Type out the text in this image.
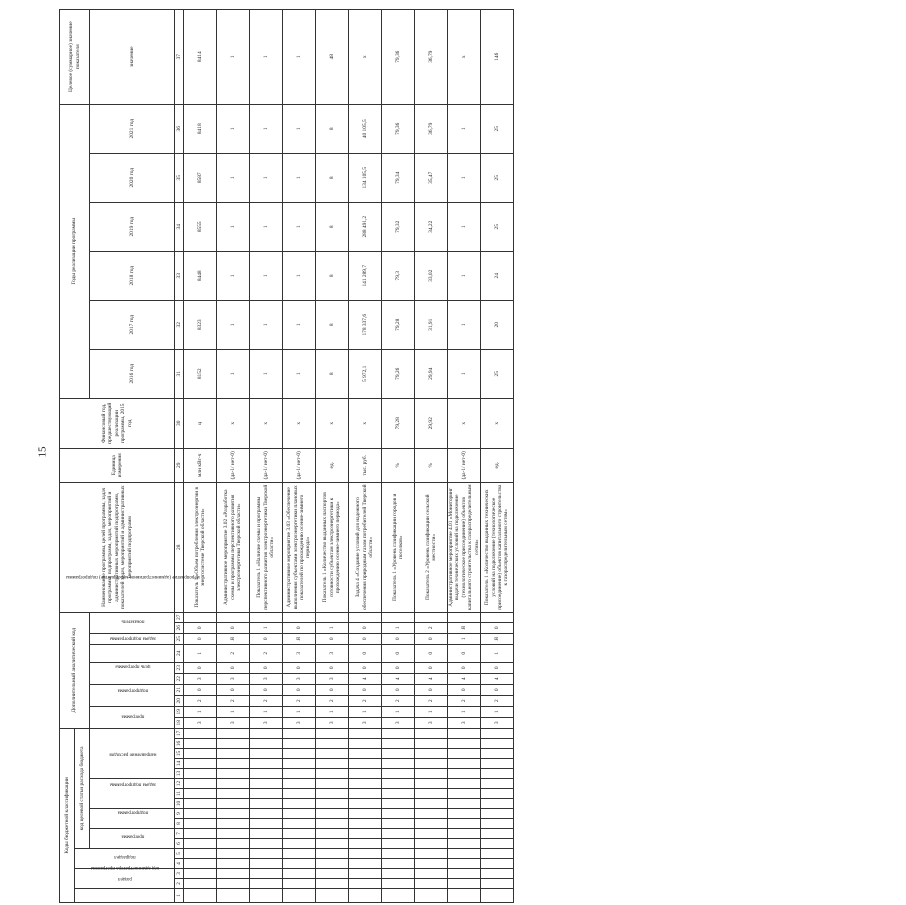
15
Коды бюджетной классификации																	Дополнительный аналитический код										Наименование программы, целей программы, задач программы, подпрограмм, задач, мероприятий и административных мероприятий подпрограмм, показателей задач, мероприятий и административных мероприятий подпрограмм	Единица измерения	Финансовый год, предшествующий реализации программы, 2015 год	Годы реализации программы						Целевое (суммарное) значение показателя
код администратора программы	раздел		подраздел		код целевой статьи расхода бюджета																															
					программа		подпрограмма		задача подпрограммы			направление расходов					программа		подпрограмма		цель программы		задача подпрограммы	мероприятие (административное мероприятие) подпрограммы	показатель					2016 год	2017 год	2018 год	2019 год	2020 год	2021 год	значение
1	2	3	4	5	6	7	8	9	10	11	12	13	14	15	16	17	18	19	20	21	22	23	24	25	26	27	28	29	30	31	32	33	34	35	36	37
																	3	1	2	0	3	0	1	0	0		Показатель 1 «Объем потребления электроэнергии в энергосистеме Тверской области»	млн кВт-ч	ц	8152	8323	8448	8555	8587	8418	8414
																	3	1	2	0	3	0	2	Я	0		Административное мероприятие 3.02 «Разработка схемы и программы перспективного развития электроэнергетики Тверской области»	(да-1/ нет-0)	x	1	1	1	1	1	1	1
																	3	1	2	0	3	0	2	0	1		Показатель 1 «Наличие схемы и программы перспективного развития электроэнергетики Тверской области»	(да-1/ нет-0)	x	1	1	1	1	1	1	1
																	3	1	2	0	3	0	3	Я	0		Административное мероприятие 3.03 «Обеспечение выполнения субъектами электроэнергетики плановых показателей по прохождению осенне-зимнего периода»	(да-1/ нет-0)	x	1	1	1	1	1	1	1
																	3	1	2	0	3	0	3	0	1		Показатель 1 «Количество выданных паспортов готовности субъектам электроэнергетики к прохождению осенне-зимнего периода»	ед.	x	8	8	8	8	8	8	48
																	3	1	2	0	4	0	0	0	0		Задача 4 «Создание условий для надежного обеспечения природным газом потребителей Тверской области»	тыс. руб.	x	5 972,1	178 337,6	141 289,7	288 491,2	134 105,5	40 105,5	x
																	3	1	2	0	4	0	0	0	1		Показатель 1 «Уровень газификации городов и поселков»	%	79,28	79,26	79,28	79,3	79,32	79,34	79,36	79,36
																	3	1	2	0	4	0	0	0	2		Показатель 2 «Уровень газификации сельской местности»	%	29,92	29,94	31,91	33,02	34,22	35,47	36,79	36,79
																	3	1	2	0	4	0	0	1	Я		Административное мероприятие 4.01 «Мониторинг выдачи технических условий на подключение (технологическое присоединение) объектов капитального строительства к газораспределительным сетям»	(да-1/ нет-0)	x	1	1	1	1	1	1	x
																	3	1	2	0	4	0	1	Я	0		Показатель 1 «Количество выданных технических условий на подключение (технологическое присоединение) объектов капитального строительства к газораспределительным сетям»	ед.	x	25	20	24	25	25	25	146
